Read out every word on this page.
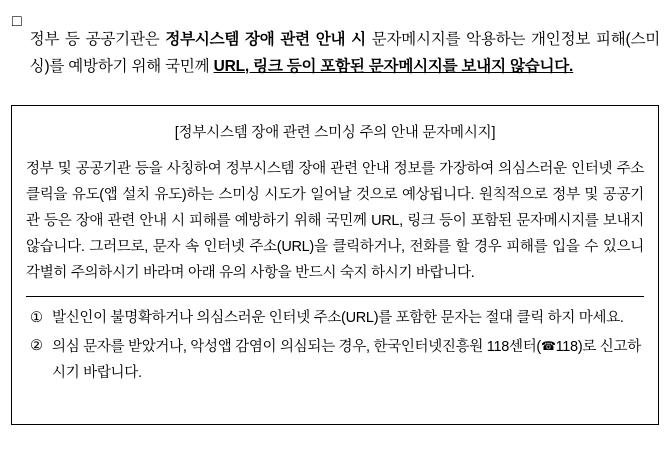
□

정부 등 공공기관은 정부시스템 장애 관련 안내 시 문자메시지를 악용하는 개인정보 피해(스미싱)를 예방하기 위해 국민께 URL, 링크 등이 포함된 문자메시지를 보내지 않습니다.

[정부시스템 장애 관련 스미싱 주의 안내 문자메시지]
정부 및 공공기관 등을 사칭하여 정부시스템 장애 관련 안내 정보를 가장하여 의심스러운 인터넷 주소 클릭을 유도(앱 설치 유도)하는 스미싱 시도가 일어날 것으로 예상됩니다. 원칙적으로 정부 및 공공기관 등은 장애 관련 안내 시 피해를 예방하기 위해 국민께 URL, 링크 등이 포함된 문자메시지를 보내지 않습니다. 그러므로, 문자 속 인터넷 주소(URL)을 클릭하거나, 전화를 할 경우 피해를 입을 수 있으니 각별히 주의하시기 바라며 아래 유의 사항을 반드시 숙지 하시기 바랍니다.
① 발신인이 불명확하거나 의심스러운 인터넷 주소(URL)를 포함한 문자는 절대 클릭 하지 마세요.
② 의심 문자를 받았거나, 악성앱 감염이 의심되는 경우, 한국인터넷진흥원 118센터(☎118)로 신고하시기 바랍니다.
